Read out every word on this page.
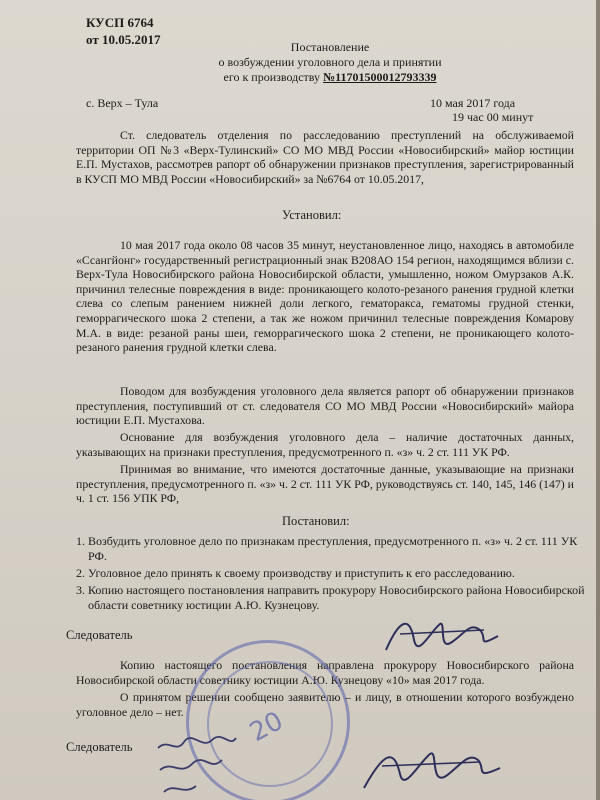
КУСП 6764
от 10.05.2017	Постановление
о возбуждении уголовного дела и принятии
его к производству №11701500012793339
с. Верх – Тула	10 мая 2017 года
19 час 00 минут

Ст. следователь отделения по расследованию преступлений на обслуживаемой территории ОП №3 «Верх-Тулинский» СО МО МВД России «Новосибирский» майор юстиции Е.П. Мустахов, рассмотрев рапорт об обнаружении признаков преступления, зарегистрированный в КУСП МО МВД России «Новосибирский» за №6764 от 10.05.2017,

Установил:

10 мая 2017 года около 08 часов 35 минут, неустановленное лицо, находясь в автомобиле «Ссангйонг» государственный регистрационный знак В208АО 154 регион, находящимся вблизи с. Верх-Тула Новосибирского района Новосибирской области, умышленно, ножом Омурзаков А.К. причинил телесные повреждения в виде: проникающего колото-резаного ранения грудной клетки слева со слепым ранением нижней доли легкого, гематоракса, гематомы грудной стенки, геморрагического шока 2 степени, а так же ножом причинил телесные повреждения Комарову М.А. в виде: резаной раны шеи, геморрагического шока 2 степени, не проникающего колото-резаного ранения грудной клетки слева.

Поводом для возбуждения уголовного дела является рапорт об обнаружении признаков преступления, поступивший от ст. следователя СО МО МВД России «Новосибирский» майора юстиции Е.П. Мустахова.

Основание для возбуждения уголовного дела – наличие достаточных данных, указывающих на признаки преступления, предусмотренного п. «з» ч. 2 ст. 111 УК РФ.

Принимая во внимание, что имеются достаточные данные, указывающие на признаки преступления, предусмотренного п. «з» ч. 2 ст. 111 УК РФ, руководствуясь ст. 140, 145, 146 (147) и ч. 1 ст. 156 УПК РФ,

Постановил:
1. Возбудить уголовное дело по признакам преступления, предусмотренного п. «з» ч. 2 ст. 111 УК РФ.
2. Уголовное дело принять к своему производству и приступить к его расследованию.
3. Копию настоящего постановления направить прокурору Новосибирского района Новосибирской области советнику юстиции А.Ю. Кузнецову.
Следователь

Копию настоящего постановления направлена прокурору Новосибирского района Новосибирской области советнику юстиции А.Ю. Кузнецову «10» мая 2017 года.

О принятом решении сообщено заявителю – и лицу, в отношении которого возбуждено уголовное дело – нет.

Следователь	20
